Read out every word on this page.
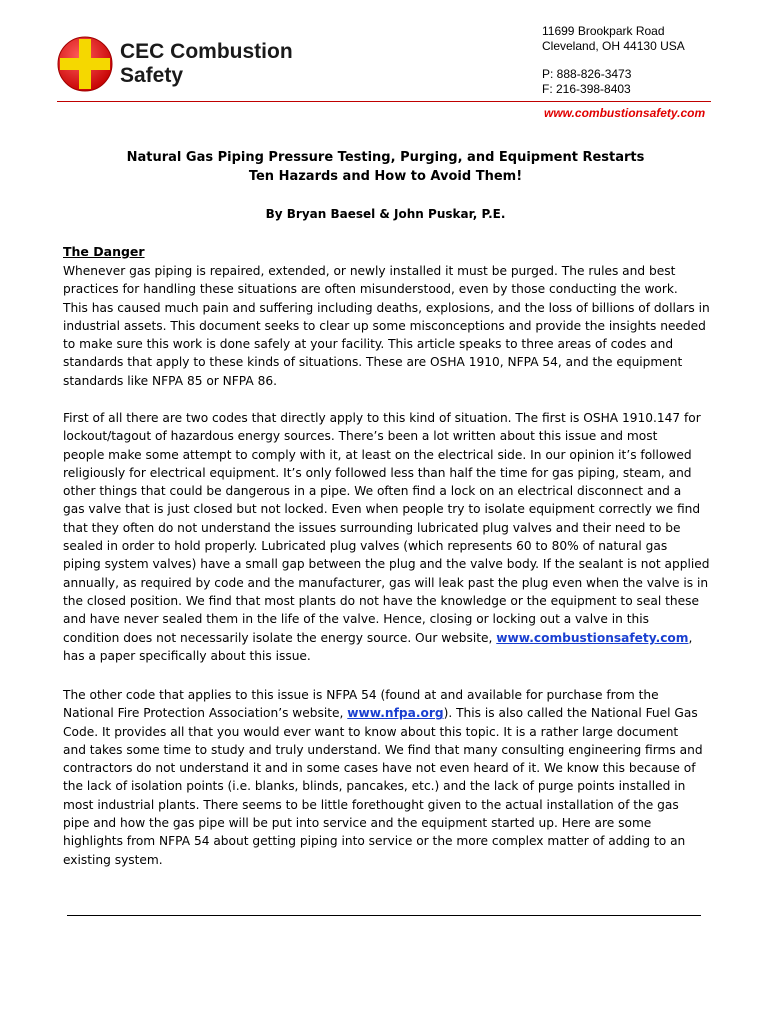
CEC Combustion
Safety
11699 Brookpark Road
Cleveland, OH 44130 USA
P: 888-826-3473
F: 216-398-8403
www.combustionsafety.com
Natural Gas Piping Pressure Testing, Purging, and Equipment Restarts
Ten Hazards and How to Avoid Them!
By Bryan Baesel & John Puskar, P.E.
The Danger

Whenever gas piping is repaired, extended, or newly installed it must be purged. The rules and best

practices for handling these situations are often misunderstood, even by those conducting the work.

This has caused much pain and suffering including deaths, explosions, and the loss of billions of dollars in

industrial assets. This document seeks to clear up some misconceptions and provide the insights needed

to make sure this work is done safely at your facility. This article speaks to three areas of codes and

standards that apply to these kinds of situations. These are OSHA 1910, NFPA 54, and the equipment

standards like NFPA 85 or NFPA 86.

First of all there are two codes that directly apply to this kind of situation. The first is OSHA 1910.147 for

lockout/tagout of hazardous energy sources. There’s been a lot written about this issue and most

people make some attempt to comply with it, at least on the electrical side. In our opinion it’s followed

religiously for electrical equipment. It’s only followed less than half the time for gas piping, steam, and

other things that could be dangerous in a pipe. We often find a lock on an electrical disconnect and a

gas valve that is just closed but not locked. Even when people try to isolate equipment correctly we find

that they often do not understand the issues surrounding lubricated plug valves and their need to be

sealed in order to hold properly. Lubricated plug valves (which represents 60 to 80% of natural gas

piping system valves) have a small gap between the plug and the valve body. If the sealant is not applied

annually, as required by code and the manufacturer, gas will leak past the plug even when the valve is in

the closed position. We find that most plants do not have the knowledge or the equipment to seal these

and have never sealed them in the life of the valve. Hence, closing or locking out a valve in this

condition does not necessarily isolate the energy source. Our website, www.combustionsafety.com,

has a paper specifically about this issue.

The other code that applies to this issue is NFPA 54 (found at and available for purchase from the

National Fire Protection Association’s website, www.nfpa.org). This is also called the National Fuel Gas

Code. It provides all that you would ever want to know about this topic. It is a rather large document

and takes some time to study and truly understand. We find that many consulting engineering firms and

contractors do not understand it and in some cases have not even heard of it. We know this because of

the lack of isolation points (i.e. blanks, blinds, pancakes, etc.) and the lack of purge points installed in

most industrial plants. There seems to be little forethought given to the actual installation of the gas

pipe and how the gas pipe will be put into service and the equipment started up. Here are some

highlights from NFPA 54 about getting piping into service or the more complex matter of adding to an

existing system.
